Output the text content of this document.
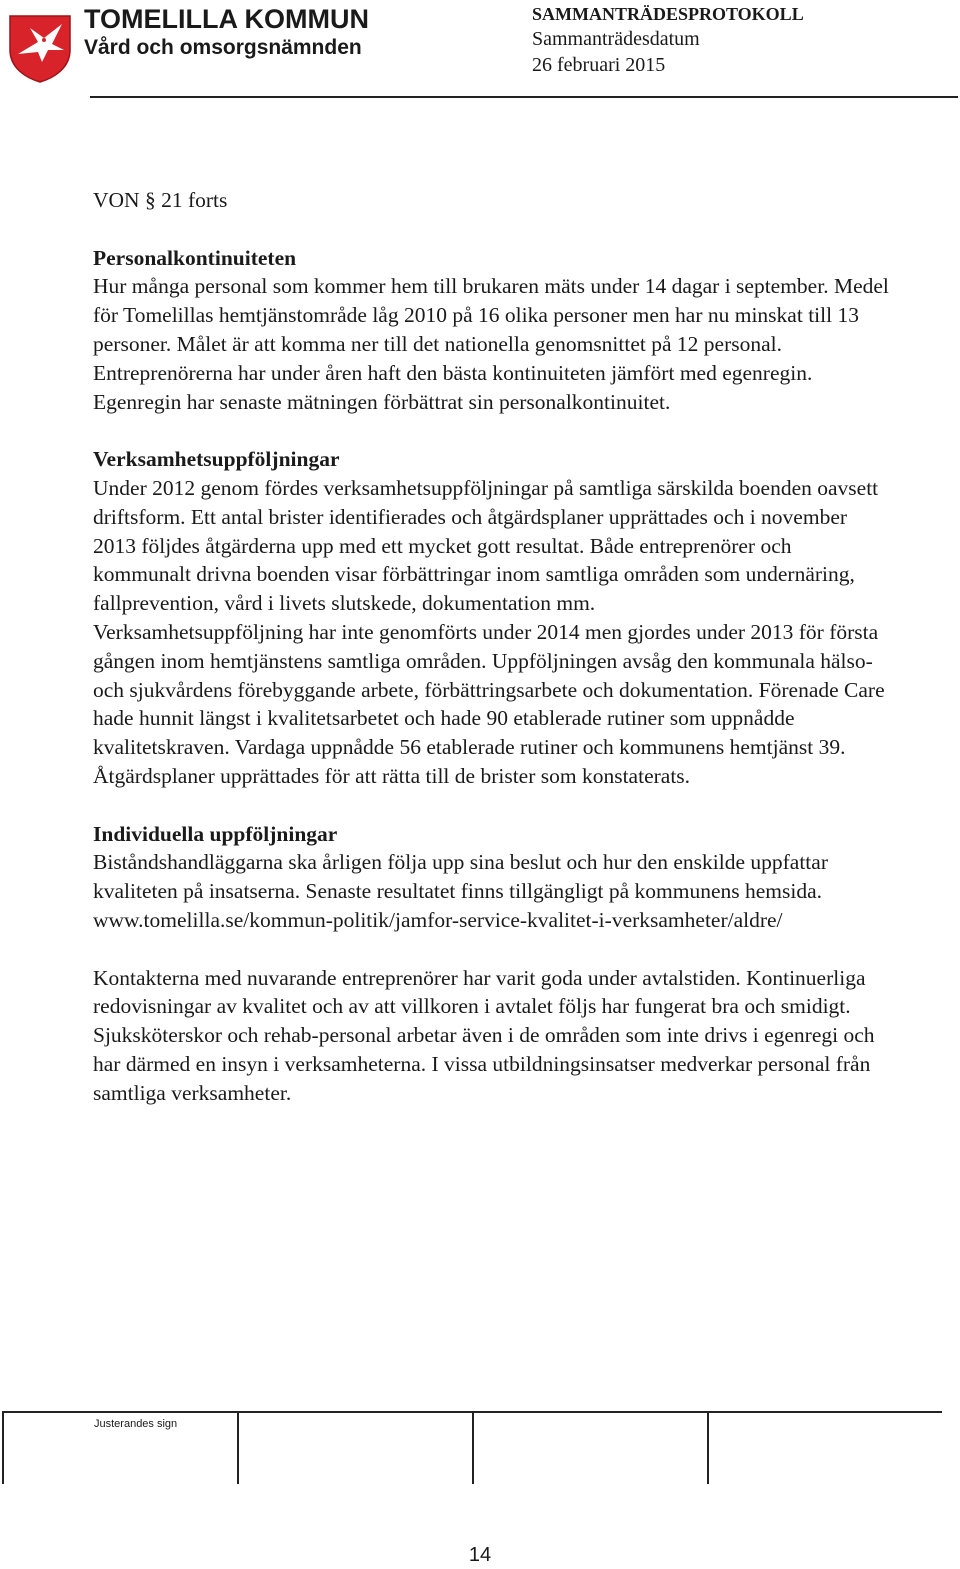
TOMELILLA KOMMUN
Vård och omsorgsnämnden
SAMMANTRÄDESPROTOKOLL
Sammanträdesdatum
26 februari 2015

VON § 21 forts

Personalkontinuiteten

Hur många personal som kommer hem till brukaren mäts under 14 dagar i september. Medel för Tomelillas hemtjänstområde låg 2010 på 16 olika personer men har nu minskat till 13 personer. Målet är att komma ner till det nationella genomsnittet på 12 personal. Entreprenörerna har under åren haft den bästa kontinuiteten jämfört med egenregin. Egenregin har senaste mätningen förbättrat sin personalkontinuitet.

Verksamhetsuppföljningar

Under 2012 genom fördes verksamhetsuppföljningar på samtliga särskilda boenden oavsett driftsform. Ett antal brister identifierades och åtgärdsplaner upprättades och i november 2013 följdes åtgärderna upp med ett mycket gott resultat. Både entreprenörer och kommunalt drivna boenden visar förbättringar inom samtliga områden som undernäring, fallprevention, vård i livets slutskede, dokumentation mm.

Verksamhetsuppföljning har inte genomförts under 2014 men gjordes under 2013 för första gången inom hemtjänstens samtliga områden. Uppföljningen avsåg den kommunala hälso-och sjukvårdens förebyggande arbete, förbättringsarbete och dokumentation. Förenade Care hade hunnit längst i kvalitetsarbetet och hade 90 etablerade rutiner som uppnådde kvalitetskraven. Vardaga uppnådde 56 etablerade rutiner och kommunens hemtjänst 39. Åtgärdsplaner upprättades för att rätta till de brister som konstaterats.

Individuella uppföljningar

Biståndshandläggarna ska årligen följa upp sina beslut och hur den enskilde uppfattar kvaliteten på insatserna. Senaste resultatet finns tillgängligt på kommunens hemsida. www.tomelilla.se/kommun-politik/jamfor-service-kvalitet-i-verksamheter/aldre/

Kontakterna med nuvarande entreprenörer har varit goda under avtalstiden. Kontinuerliga redovisningar av kvalitet och av att villkoren i avtalet följs har fungerat bra och smidigt. Sjuksköterskor och rehab-personal arbetar även i de områden som inte drivs i egenregi och har därmed en insyn i verksamheterna. I vissa utbildningsinsatser medverkar personal från samtliga verksamheter.

Justerandes sign
14
